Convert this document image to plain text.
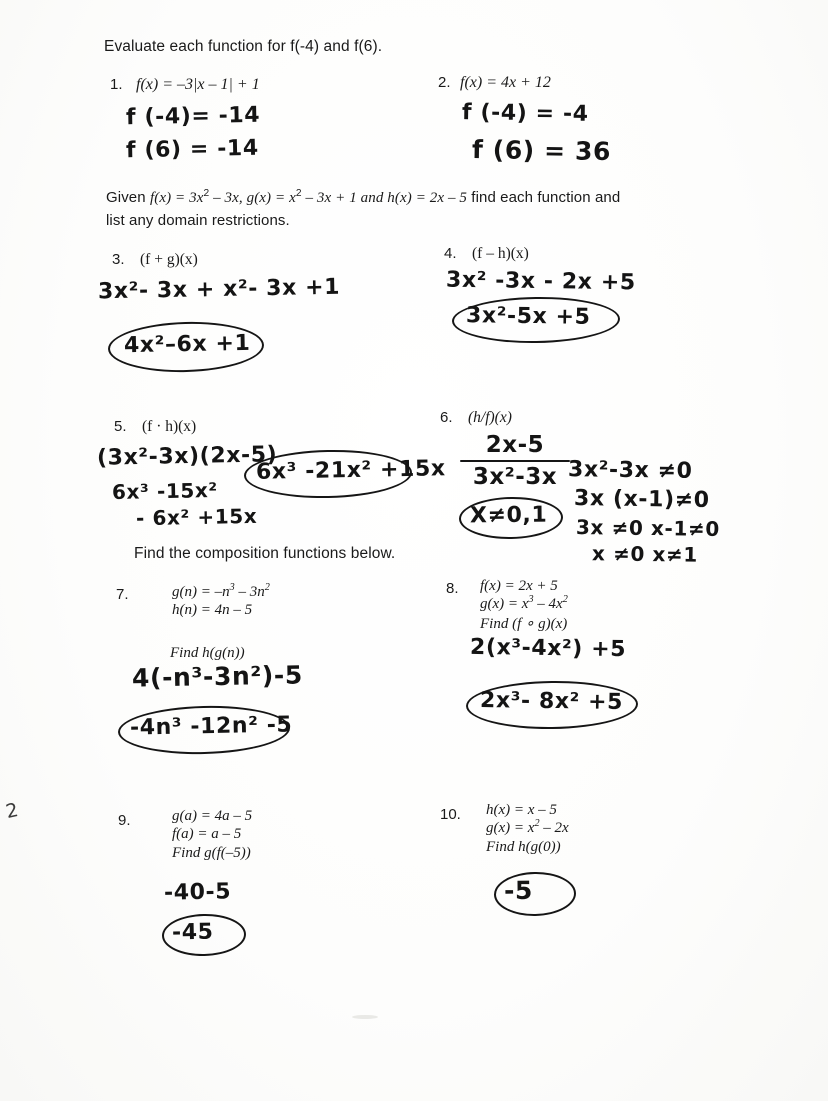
Evaluate each function for f(-4) and f(6).
1. f(x) = –3|x – 1| + 1
f (-4)= -14
f (6) = -14
2. f(x) = 4x + 12
f (-4) = -4
f (6) = 36
Given $f(x) = 3x^2 - 3x$, $g(x) = x^2 - 3x + 1$ and h(x) = 2x – 5 find each function and
list any domain restrictions.
3. (f + g)(x)
3x²- 3x + x²- 3x +1
4x²–6x +1
4. (f – h)(x)
3x² -3x - 2x +5
3x²-5x +5
5. (f · h)(x)
(3x²-3x)(2x-5)
6x³ -15x²
- 6x² +15x
6x³ -21x² +15x
6. (h/f)(x)
2x-5
3x²-3x
X≠0,1
3x²-3x ≠0
3x (x-1)≠0
3x ≠0 x-1≠0
x ≠0 x≠1
Find the composition functions below.
7.	$g(n) = -n^3 - 3n^2$
h(n) = 4n – 5
Find h(g(n))
4(-n³-3n²)-5
-4n³ -12n² -5
8. f(x) = 2x + 5
$g(x) = x^3 - 4x^2$
Find (f ∘ g)(x)
2(x³-4x²) +5
2x³- 8x² +5
9.	g(a) = 4a – 5
f(a) = a – 5
Find g(f(–5))
-40-5
-45
10. h(x) = x – 5
$g(x) = x^2 - 2x$
Find h(g(0))
-5
2
